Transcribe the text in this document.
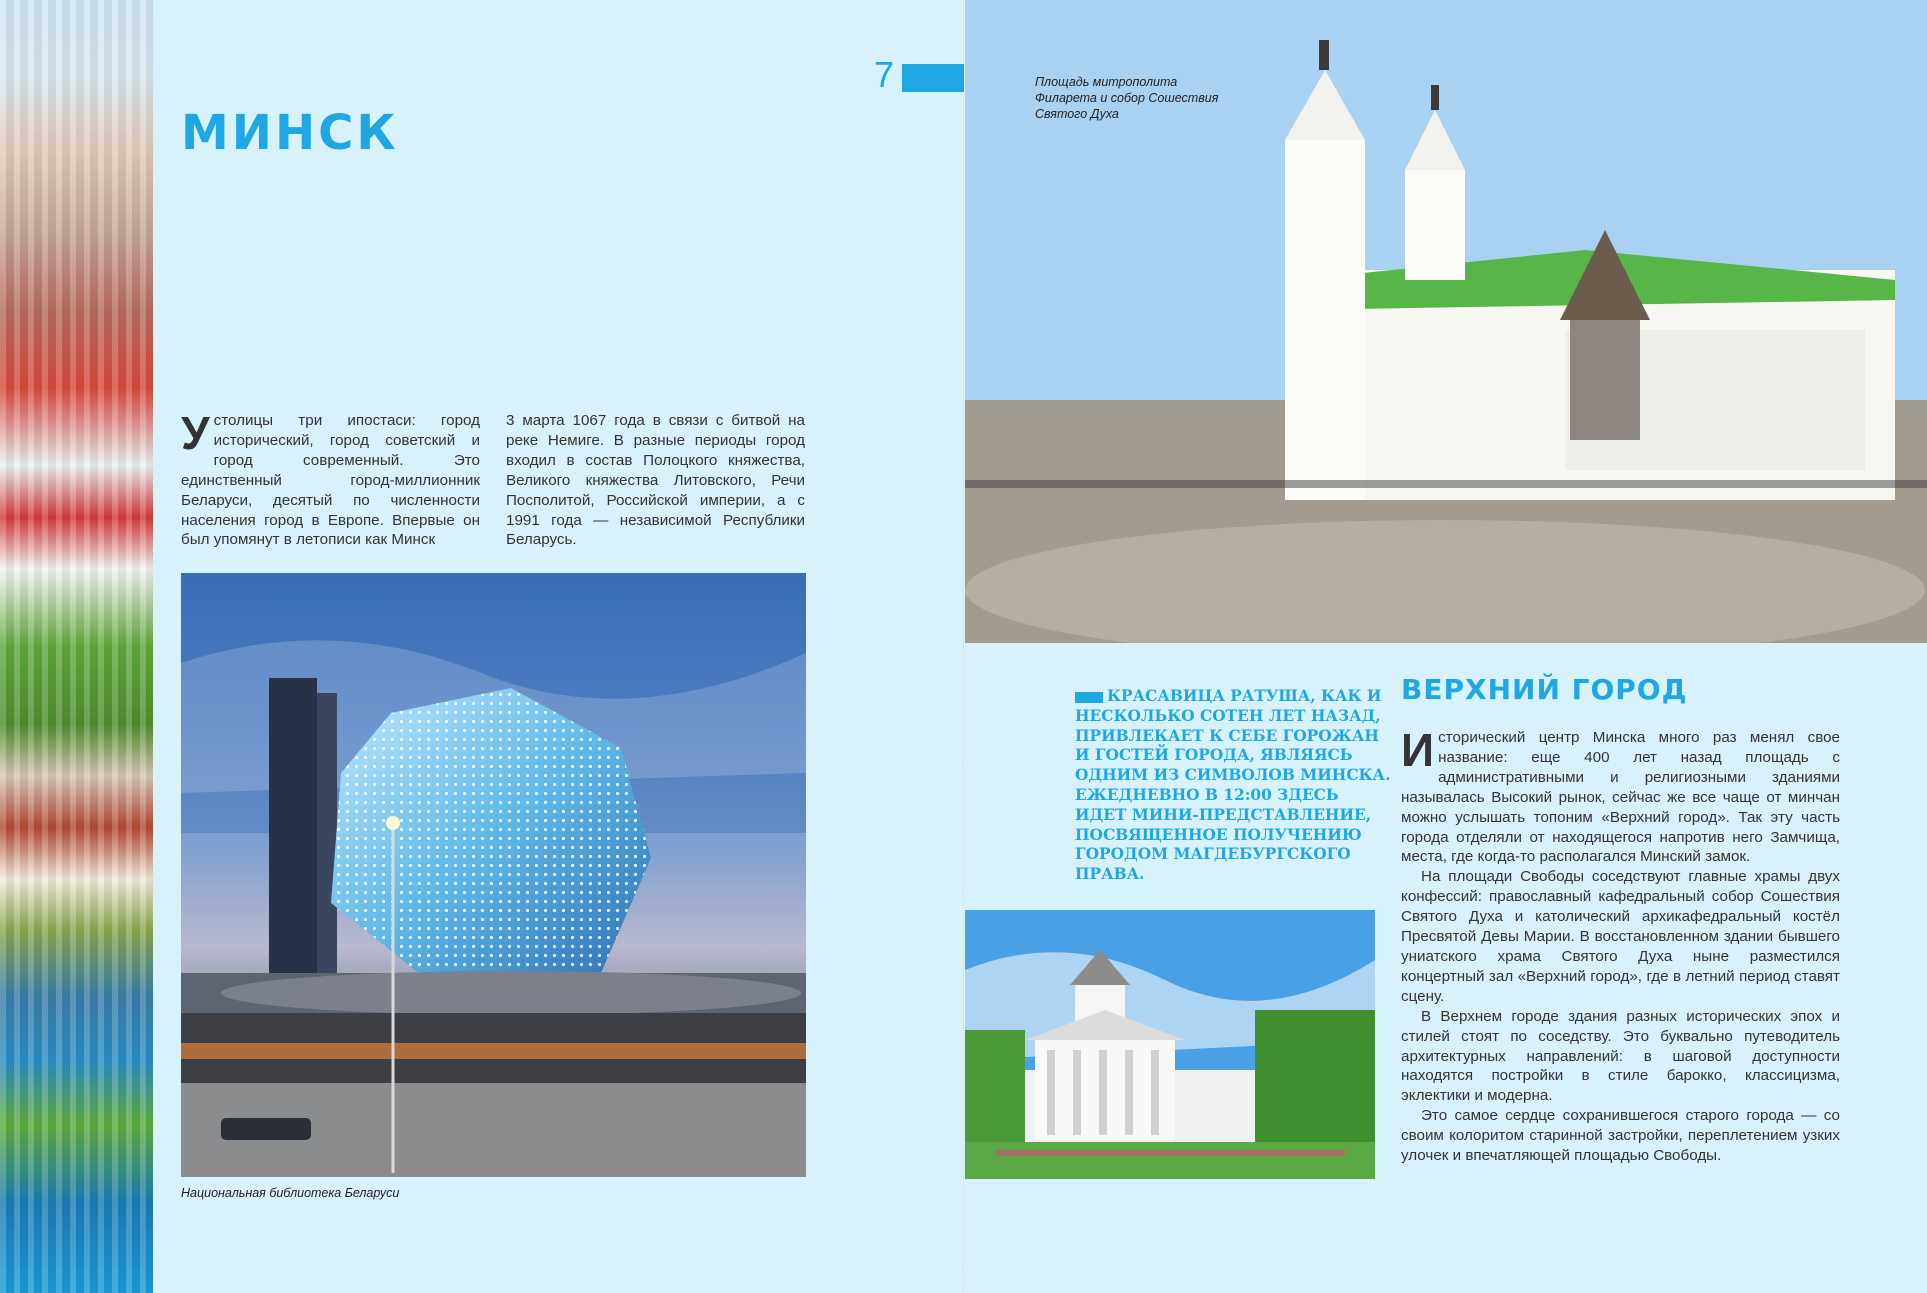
МИНСК
7
У столицы три ипостаси: город исторический, город советский и город современный. Это единственный город-миллионник Беларуси, десятый по численности населения город в Европе. Впервые он был упомянут в летописи как Минск

3 марта 1067 года в связи с битвой на реке Немиге. В разные периоды город входил в состав Полоцкого княжества, Великого княжества Литовского, Речи Посполитой, Российской империи, а с 1991 года — независимой Республики Беларусь.

Национальная библиотека Беларуси
Площадь митрополита Филарета и собор Сошествия Святого Духа
КРАСАВИЦА РАТУША, КАК И НЕСКОЛЬКО СОТЕН ЛЕТ НАЗАД, ПРИВЛЕКАЕТ К СЕБЕ ГОРОЖАН И ГОСТЕЙ ГОРОДА, ЯВЛЯЯСЬ ОДНИМ ИЗ СИМВОЛОВ МИНСКА. ЕЖЕДНЕВНО В 12:00 ЗДЕСЬ ИДЕТ МИНИ-ПРЕДСТАВЛЕНИЕ, ПОСВЯЩЕННОЕ ПОЛУЧЕНИЮ ГОРОДОМ МАГДЕБУРГСКОГО ПРАВА.
ВЕРХНИЙ ГОРОД

Исторический центр Минска много раз менял свое название: еще 400 лет назад площадь с административными и религиозными зданиями называлась Высокий рынок, сейчас же все чаще от минчан можно услышать топоним «Верхний город». Так эту часть города отделяли от находящегося напротив него Замчища, места, где когда-то располагался Минский замок.

На площади Свободы соседствуют главные храмы двух конфессий: православный кафедральный собор Сошествия Святого Духа и католический архикафедральный костёл Пресвятой Девы Марии. В восстановленном здании бывшего униатского храма Святого Духа ныне разместился концертный зал «Верхний город», где в летний период ставят сцену.

В Верхнем городе здания разных исторических эпох и стилей стоят по соседству. Это буквально путеводитель архитектурных направлений: в шаговой доступности находятся постройки в стиле барокко, классицизма, эклектики и модерна.

Это самое сердце сохранившегося старого города — со своим колоритом старинной застройки, переплетением узких улочек и впечатляющей площадью Свободы.
